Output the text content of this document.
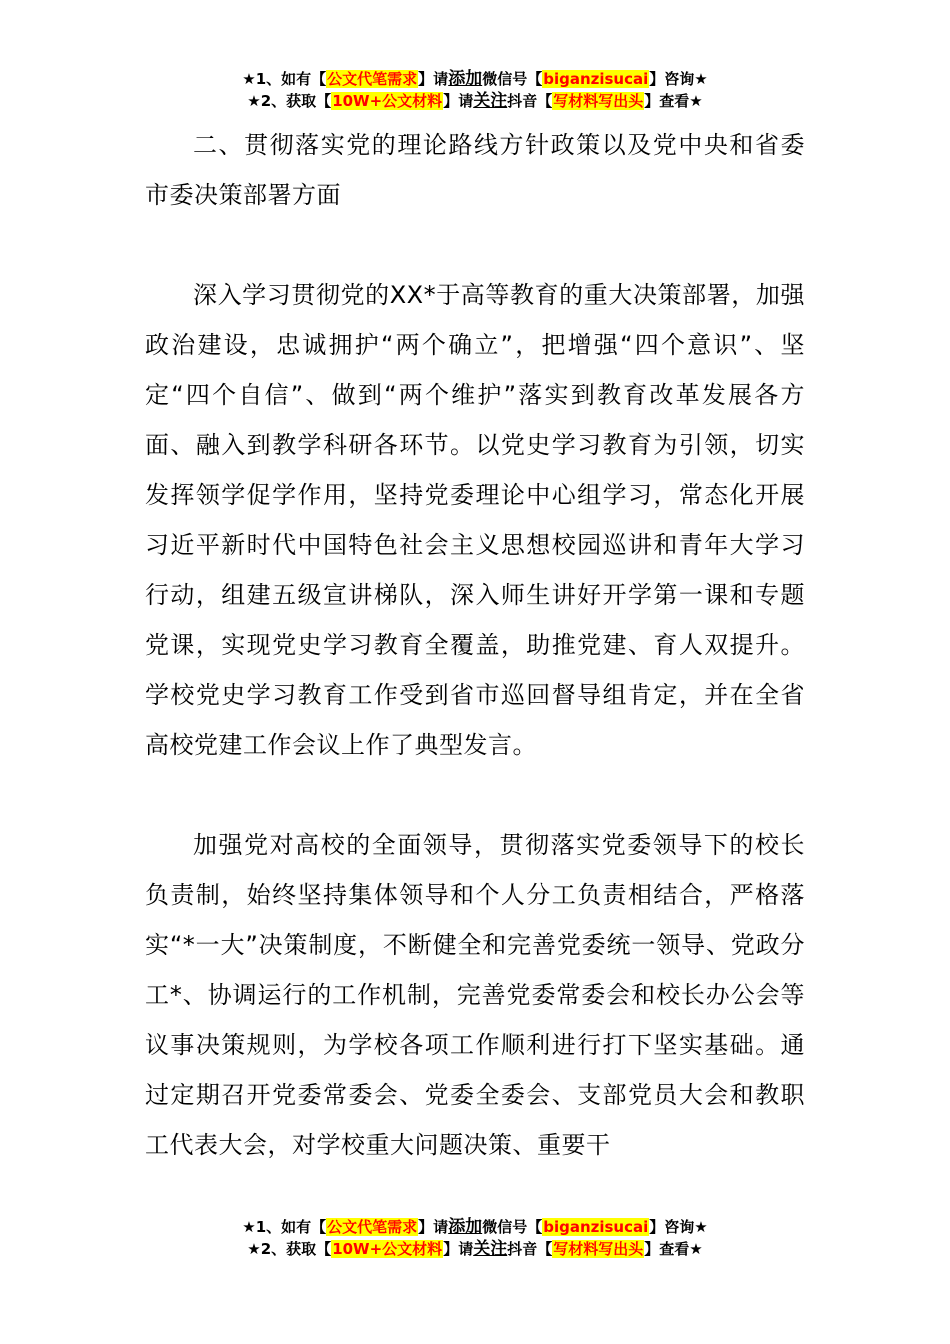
★1、如有【公文代笔需求】请添加微信号【biganzisucai】咨询★
★2、获取【10W+公文材料】请关注抖音【写材料写出头】查看★

二、贯彻落实党的理论路线方针政策以及党中央和省委市委决策部署方面

深入学习贯彻党的XX*于高等教育的重大决策部署，加强政治建设，忠诚拥护“两个确立”，把增强“四个意识”、坚定“四个自信”、做到“两个维护”落实到教育改革发展各方面、融入到教学科研各环节。以党史学习教育为引领，切实发挥领学促学作用，坚持党委理论中心组学习，常态化开展习近平新时代中国特色社会主义思想校园巡讲和青年大学习行动，组建五级宣讲梯队，深入师生讲好开学第一课和专题党课，实现党史学习教育全覆盖，助推党建、育人双提升。学校党史学习教育工作受到省市巡回督导组肯定，并在全省高校党建工作会议上作了典型发言。

加强党对高校的全面领导，贯彻落实党委领导下的校长负责制，始终坚持集体领导和个人分工负责相结合，严格落实“*一大”决策制度，不断健全和完善党委统一领导、党政分工*、协调运行的工作机制，完善党委常委会和校长办公会等议事决策规则，为学校各项工作顺利进行打下坚实基础。通过定期召开党委常委会、党委全委会、支部党员大会和教职工代表大会，对学校重大问题决策、重要干

★1、如有【公文代笔需求】请添加微信号【biganzisucai】咨询★
★2、获取【10W+公文材料】请关注抖音【写材料写出头】查看★
